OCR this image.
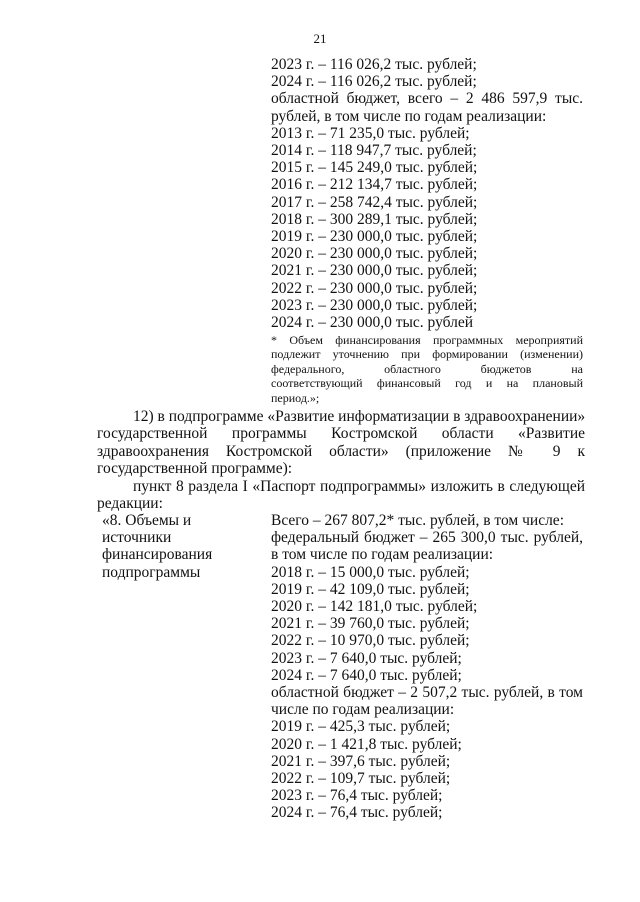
21
2023 г. – 116 026,2 тыс. рублей;
2024 г. – 116 026,2 тыс. рублей;
областной бюджет, всего – 2 486 597,9 тыс.
рублей, в том числе по годам реализации:
2013 г. – 71 235,0 тыс. рублей;
2014 г. – 118 947,7 тыс. рублей;
2015 г. – 145 249,0 тыс. рублей;
2016 г. – 212 134,7 тыс. рублей;
2017 г. – 258 742,4 тыс. рублей;
2018 г. – 300 289,1 тыс. рублей;
2019 г. – 230 000,0 тыс. рублей;
2020 г. – 230 000,0 тыс. рублей;
2021 г. – 230 000,0 тыс. рублей;
2022 г. – 230 000,0 тыс. рублей;
2023 г. – 230 000,0 тыс. рублей;
2024 г. – 230 000,0 тыс. рублей
* Объем финансирования программных мероприятий
подлежит уточнению при формировании (изменении)
федерального, областного бюджетов на
соответствующий финансовый год и на плановый
период.»;
12) в подпрограмме «Развитие информатизации в здравоохранении»
государственной программы Костромской области «Развитие
здравоохранения Костромской области» (приложение № 9 к
государственной программе):
пункт 8 раздела I «Паспорт подпрограммы» изложить в следующей
редакции:
«8. Объемы и
источники
финансирования
подпрограммы
Всего – 267 807,2* тыс. рублей, в том числе:
федеральный бюджет – 265 300,0 тыс. рублей,
в том числе по годам реализации:
2018 г. – 15 000,0 тыс. рублей;
2019 г. – 42 109,0 тыс. рублей;
2020 г. – 142 181,0 тыс. рублей;
2021 г. – 39 760,0 тыс. рублей;
2022 г. – 10 970,0 тыс. рублей;
2023 г. – 7 640,0 тыс. рублей;
2024 г. – 7 640,0 тыс. рублей;
областной бюджет – 2 507,2 тыс. рублей, в том
числе по годам реализации:
2019 г. – 425,3 тыс. рублей;
2020 г. – 1 421,8 тыс. рублей;
2021 г. – 397,6 тыс. рублей;
2022 г. – 109,7 тыс. рублей;
2023 г. – 76,4 тыс. рублей;
2024 г. – 76,4 тыс. рублей;
